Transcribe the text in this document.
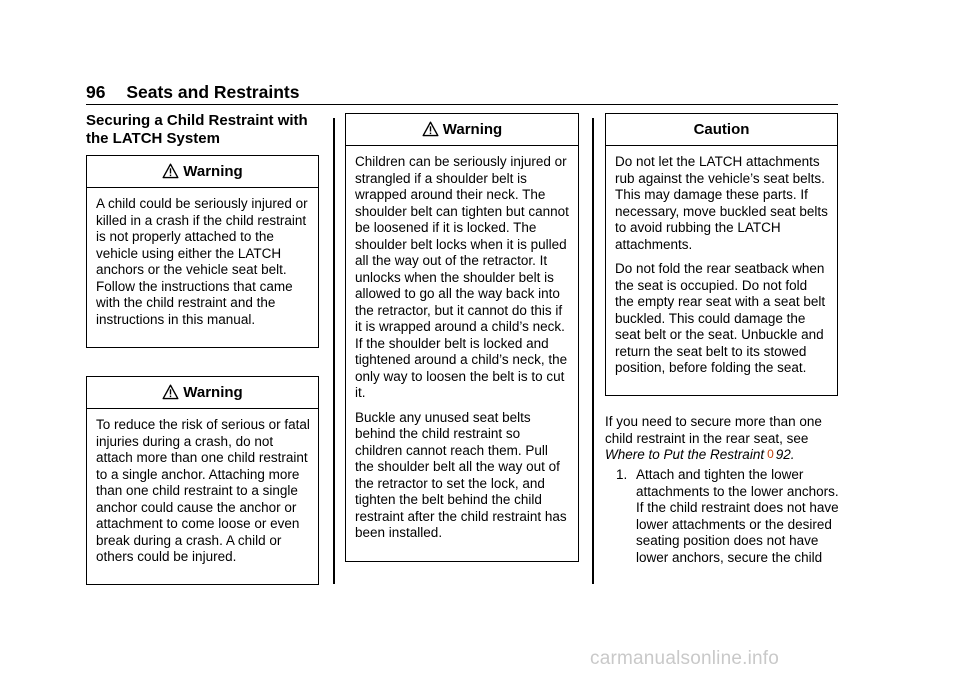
96 Seats and Restraints
Securing a Child Restraint with the LATCH System
Warning

A child could be seriously injured or killed in a crash if the child restraint is not properly attached to the vehicle using either the LATCH anchors or the vehicle seat belt. Follow the instructions that came with the child restraint and the instructions in this manual.

Warning

To reduce the risk of serious or fatal injuries during a crash, do not attach more than one child restraint to a single anchor. Attaching more than one child restraint to a single anchor could cause the anchor or attachment to come loose or even break during a crash. A child or others could be injured.

Warning

Children can be seriously injured or strangled if a shoulder belt is wrapped around their neck. The shoulder belt can tighten but cannot be loosened if it is locked. The shoulder belt locks when it is pulled all the way out of the retractor. It unlocks when the shoulder belt is allowed to go all the way back into the retractor, but it cannot do this if it is wrapped around a child’s neck. If the shoulder belt is locked and tightened around a child’s neck, the only way to loosen the belt is to cut it.

Buckle any unused seat belts behind the child restraint so children cannot reach them. Pull the shoulder belt all the way out of the retractor to set the lock, and tighten the belt behind the child restraint after the child restraint has been installed.

Caution

Do not let the LATCH attachments rub against the vehicle’s seat belts. This may damage these parts. If necessary, move buckled seat belts to avoid rubbing the LATCH attachments.

Do not fold the rear seatback when the seat is occupied. Do not fold the empty rear seat with a seat belt buckled. This could damage the seat belt or the seat. Unbuckle and return the seat belt to its stowed position, before folding the seat.

If you need to secure more than one child restraint in the rear seat, see Where to Put the Restraint 0 92.

1. Attach and tighten the lower attachments to the lower anchors. If the child restraint does not have lower attachments or the desired seating position does not have lower anchors, secure the child
carmanualsonline.info
